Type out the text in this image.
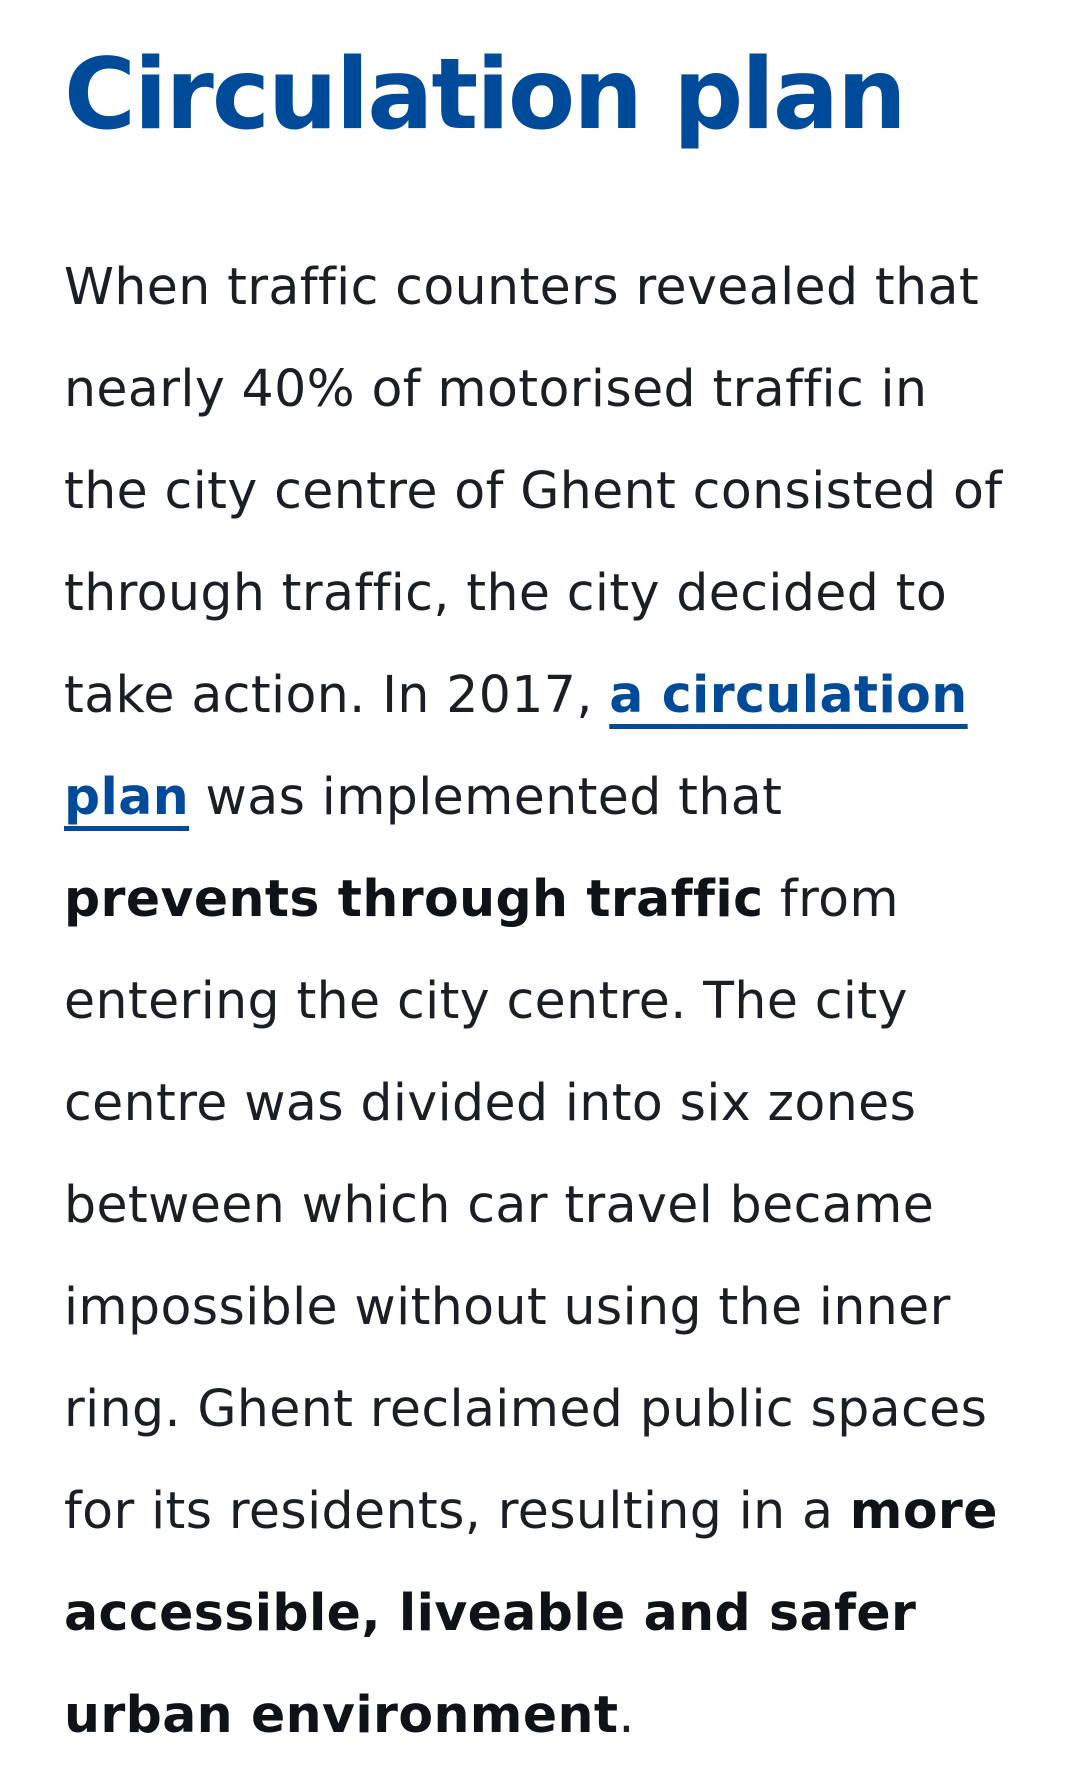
Circulation plan

When traffic counters revealed that nearly 40% of motorised traffic in the city centre of Ghent consisted of through traffic, the city decided to take action. In 2017, a circulation plan was implemented that prevents through traffic from entering the city centre. The city centre was divided into six zones between which car travel became impossible without using the inner ring. Ghent reclaimed public spaces for its residents, resulting in a more accessible, liveable and safer urban environment.
